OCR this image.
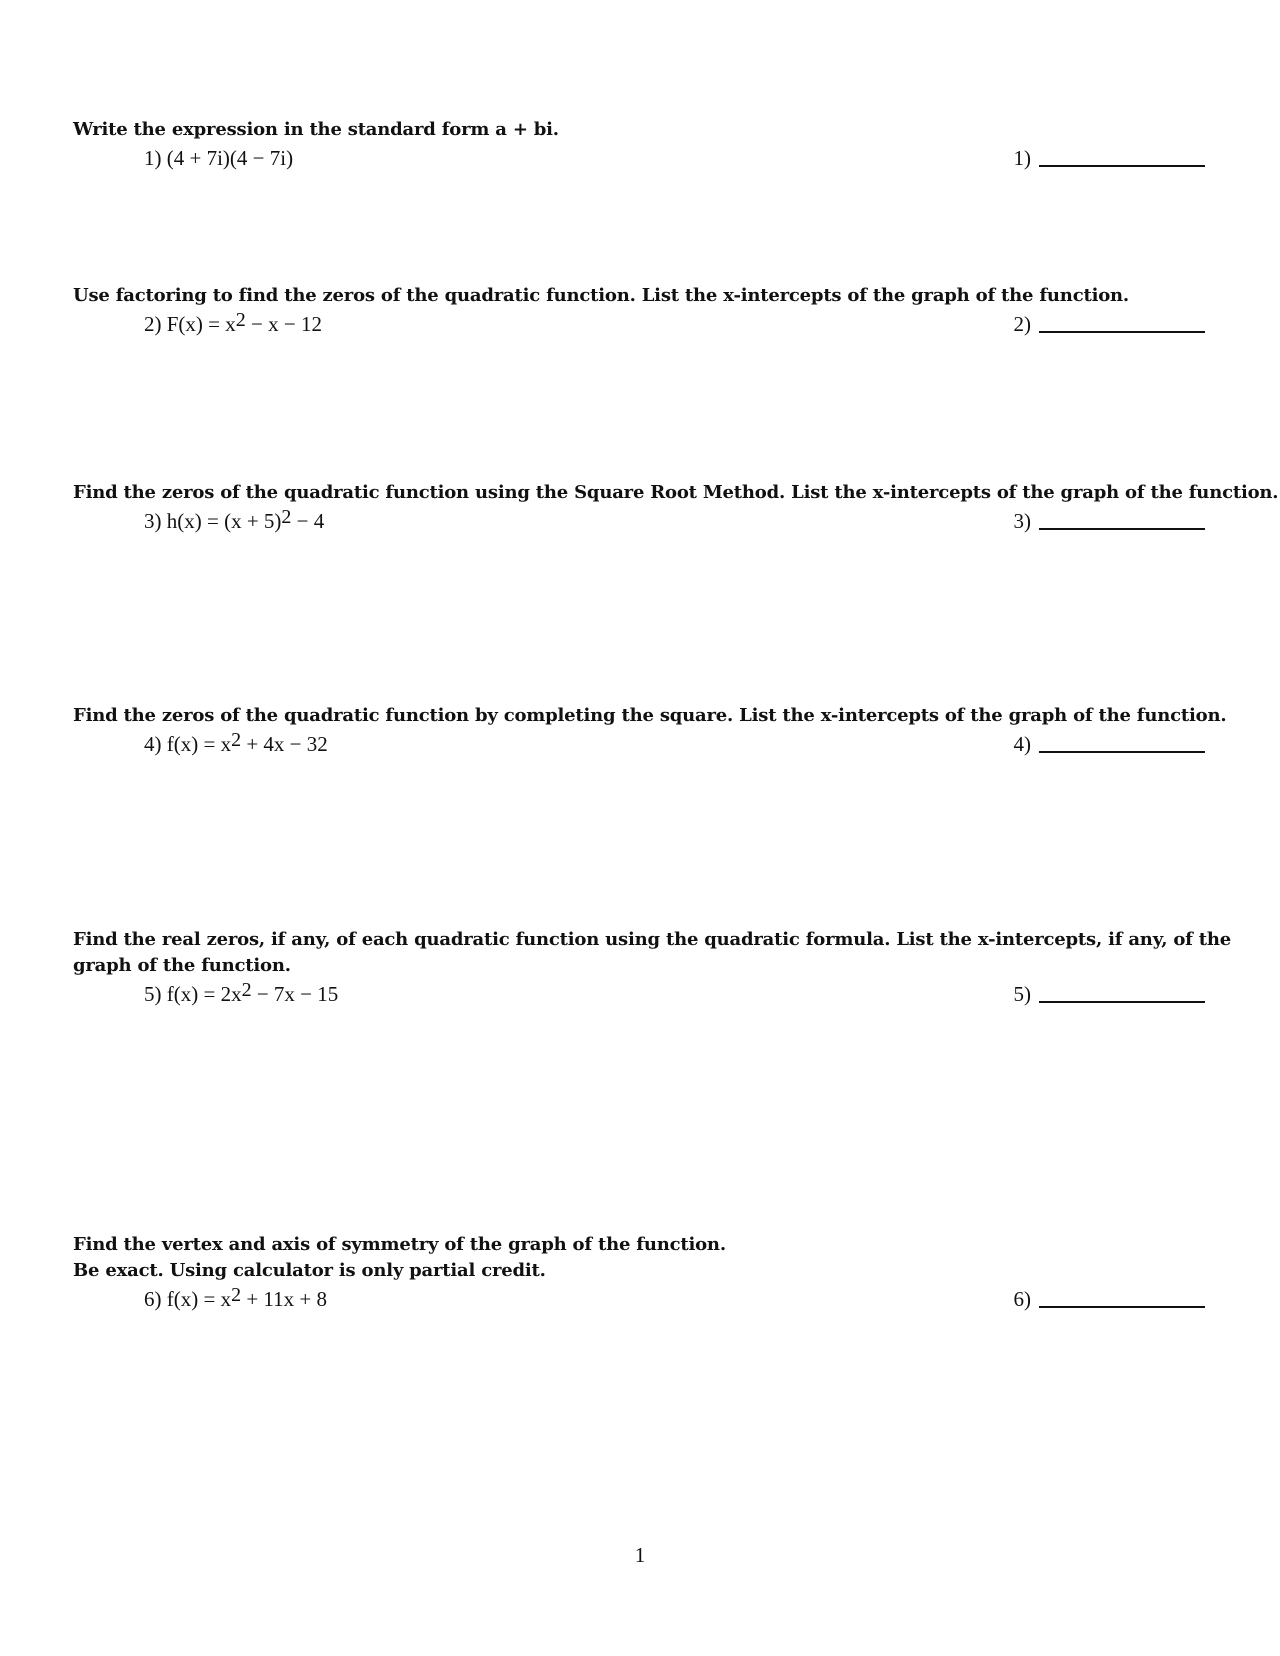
Write the expression in the standard form a + bi.

1) (4 + 7i)(4 − 7i)	1)

Use factoring to find the zeros of the quadratic function. List the x-intercepts of the graph of the function.

2) F(x) = x2 − x − 12	2)

Find the zeros of the quadratic function using the Square Root Method. List the x-intercepts of the graph of the function.

3) h(x) = (x + 5)2 − 4	3)

Find the zeros of the quadratic function by completing the square. List the x-intercepts of the graph of the function.

4) f(x) = x2 + 4x − 32	4)

Find the real zeros, if any, of each quadratic function using the quadratic formula. List the x-intercepts, if any, of the
graph of the function.

5) f(x) = 2x2 − 7x − 15	5)

Find the vertex and axis of symmetry of the graph of the function.
Be exact. Using calculator is only partial credit.

6) f(x) = x2 + 11x + 8	6)
1
